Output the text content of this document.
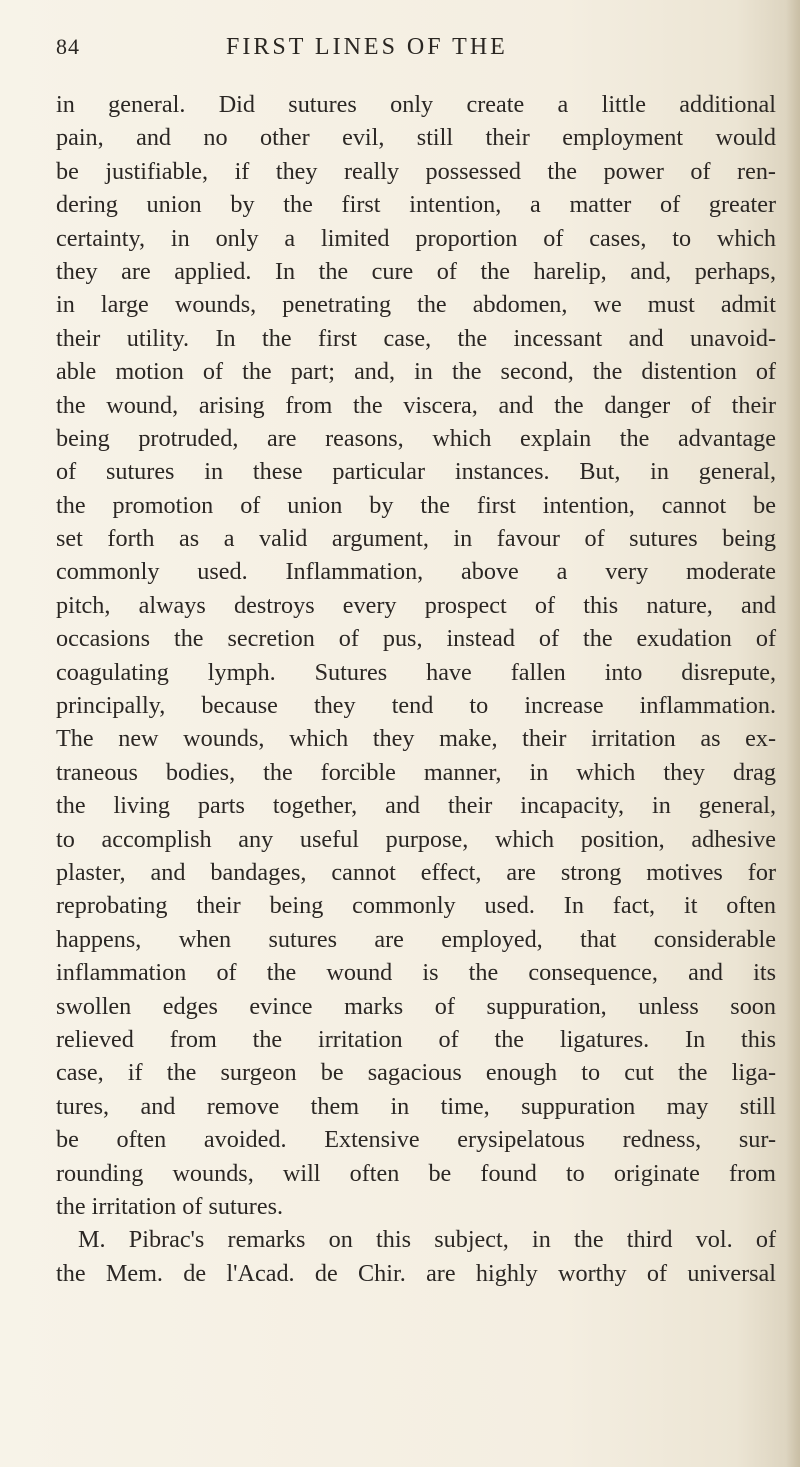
84	FIRST LINES OF THE
in general. Did sutures only create a little additional
pain, and no other evil, still their employment would
be justifiable, if they really possessed the power of ren-
dering union by the first intention, a matter of greater
certainty, in only a limited proportion of cases, to which
they are applied. In the cure of the harelip, and, perhaps,
in large wounds, penetrating the abdomen, we must admit
their utility. In the first case, the incessant and unavoid-
able motion of the part; and, in the second, the distention of
the wound, arising from the viscera, and the danger of their
being protruded, are reasons, which explain the advantage
of sutures in these particular instances. But, in general,
the promotion of union by the first intention, cannot be
set forth as a valid argument, in favour of sutures being
commonly used. Inflammation, above a very moderate
pitch, always destroys every prospect of this nature, and
occasions the secretion of pus, instead of the exudation of
coagulating lymph. Sutures have fallen into disrepute,
principally, because they tend to increase inflammation.
The new wounds, which they make, their irritation as ex-
traneous bodies, the forcible manner, in which they drag
the living parts together, and their incapacity, in general,
to accomplish any useful purpose, which position, adhesive
plaster, and bandages, cannot effect, are strong motives for
reprobating their being commonly used. In fact, it often
happens, when sutures are employed, that considerable
inflammation of the wound is the consequence, and its
swollen edges evince marks of suppuration, unless soon
relieved from the irritation of the ligatures. In this
case, if the surgeon be sagacious enough to cut the liga-
tures, and remove them in time, suppuration may still
be often avoided. Extensive erysipelatous redness, sur-
rounding wounds, will often be found to originate from
the irritation of sutures.
M. Pibrac's remarks on this subject, in the third vol. of
the Mem. de l'Acad. de Chir. are highly worthy of universal
